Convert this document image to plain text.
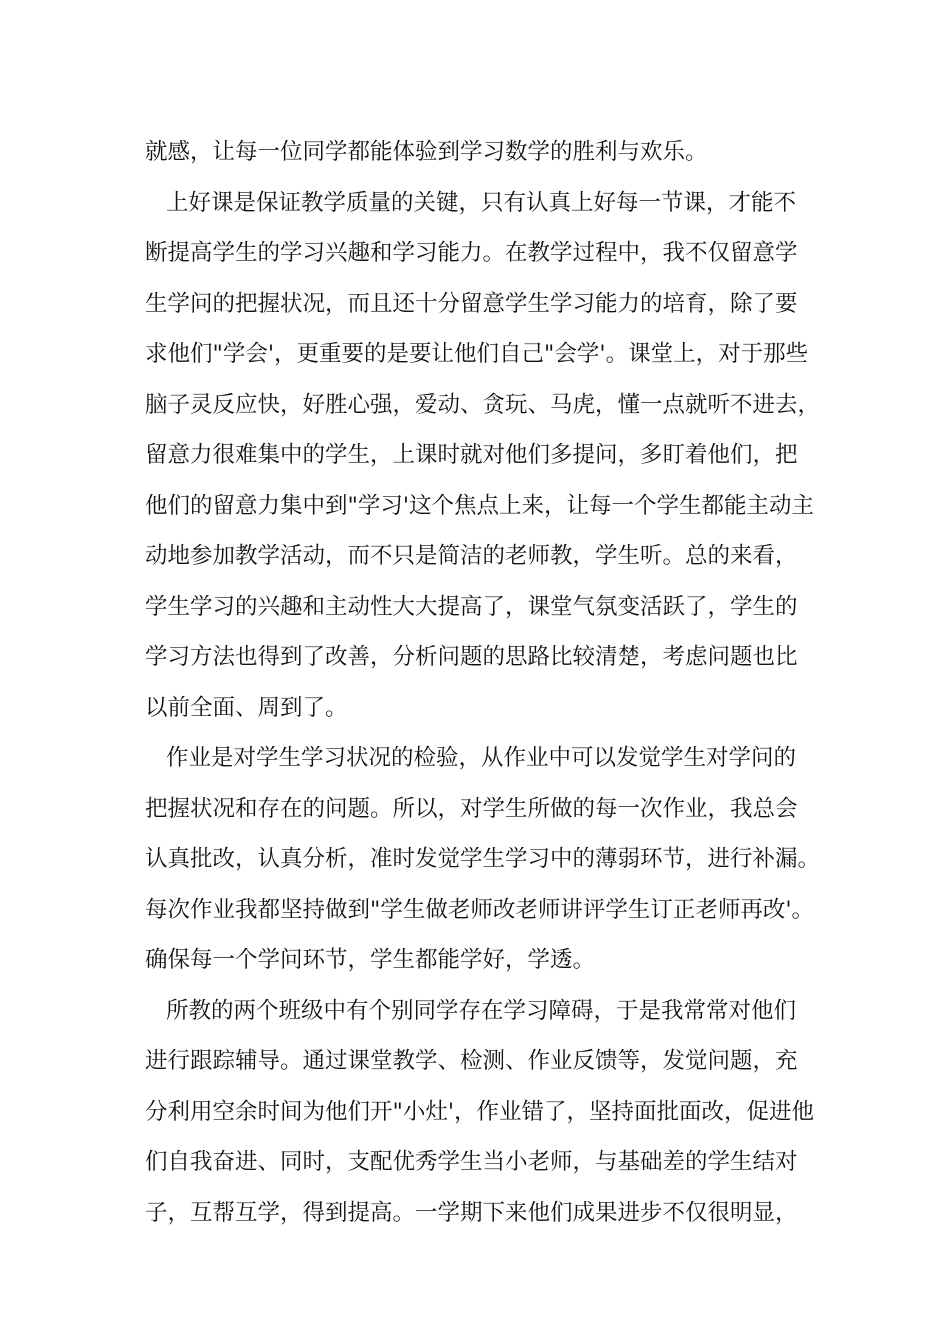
就感，让每一位同学都能体验到学习数学的胜利与欢乐。

上好课是保证教学质量的关键，只有认真上好每一节课，才能不
断提高学生的学习兴趣和学习能力。在教学过程中，我不仅留意学
生学问的把握状况，而且还十分留意学生学习能力的培育，除了要
求他们"学会'，更重要的是要让他们自己"会学'。课堂上，对于那些
脑子灵反应快，好胜心强，爱动、贪玩、马虎，懂一点就听不进去，
留意力很难集中的学生，上课时就对他们多提问，多盯着他们，把
他们的留意力集中到"学习'这个焦点上来，让每一个学生都能主动主
动地参加教学活动，而不只是简洁的老师教，学生听。总的来看，
学生学习的兴趣和主动性大大提高了，课堂气氛变活跃了，学生的
学习方法也得到了改善，分析问题的思路比较清楚，考虑问题也比
以前全面、周到了。

作业是对学生学习状况的检验，从作业中可以发觉学生对学问的
把握状况和存在的问题。所以，对学生所做的每一次作业，我总会
认真批改，认真分析，准时发觉学生学习中的薄弱环节，进行补漏。
每次作业我都坚持做到"学生做老师改老师讲评学生订正老师再改'。
确保每一个学问环节，学生都能学好，学透。

所教的两个班级中有个别同学存在学习障碍，于是我常常对他们
进行跟踪辅导。通过课堂教学、检测、作业反馈等，发觉问题，充
分利用空余时间为他们开"小灶'，作业错了，坚持面批面改，促进他
们自我奋进、同时，支配优秀学生当小老师，与基础差的学生结对
子，互帮互学，得到提高。一学期下来他们成果进步不仅很明显，
